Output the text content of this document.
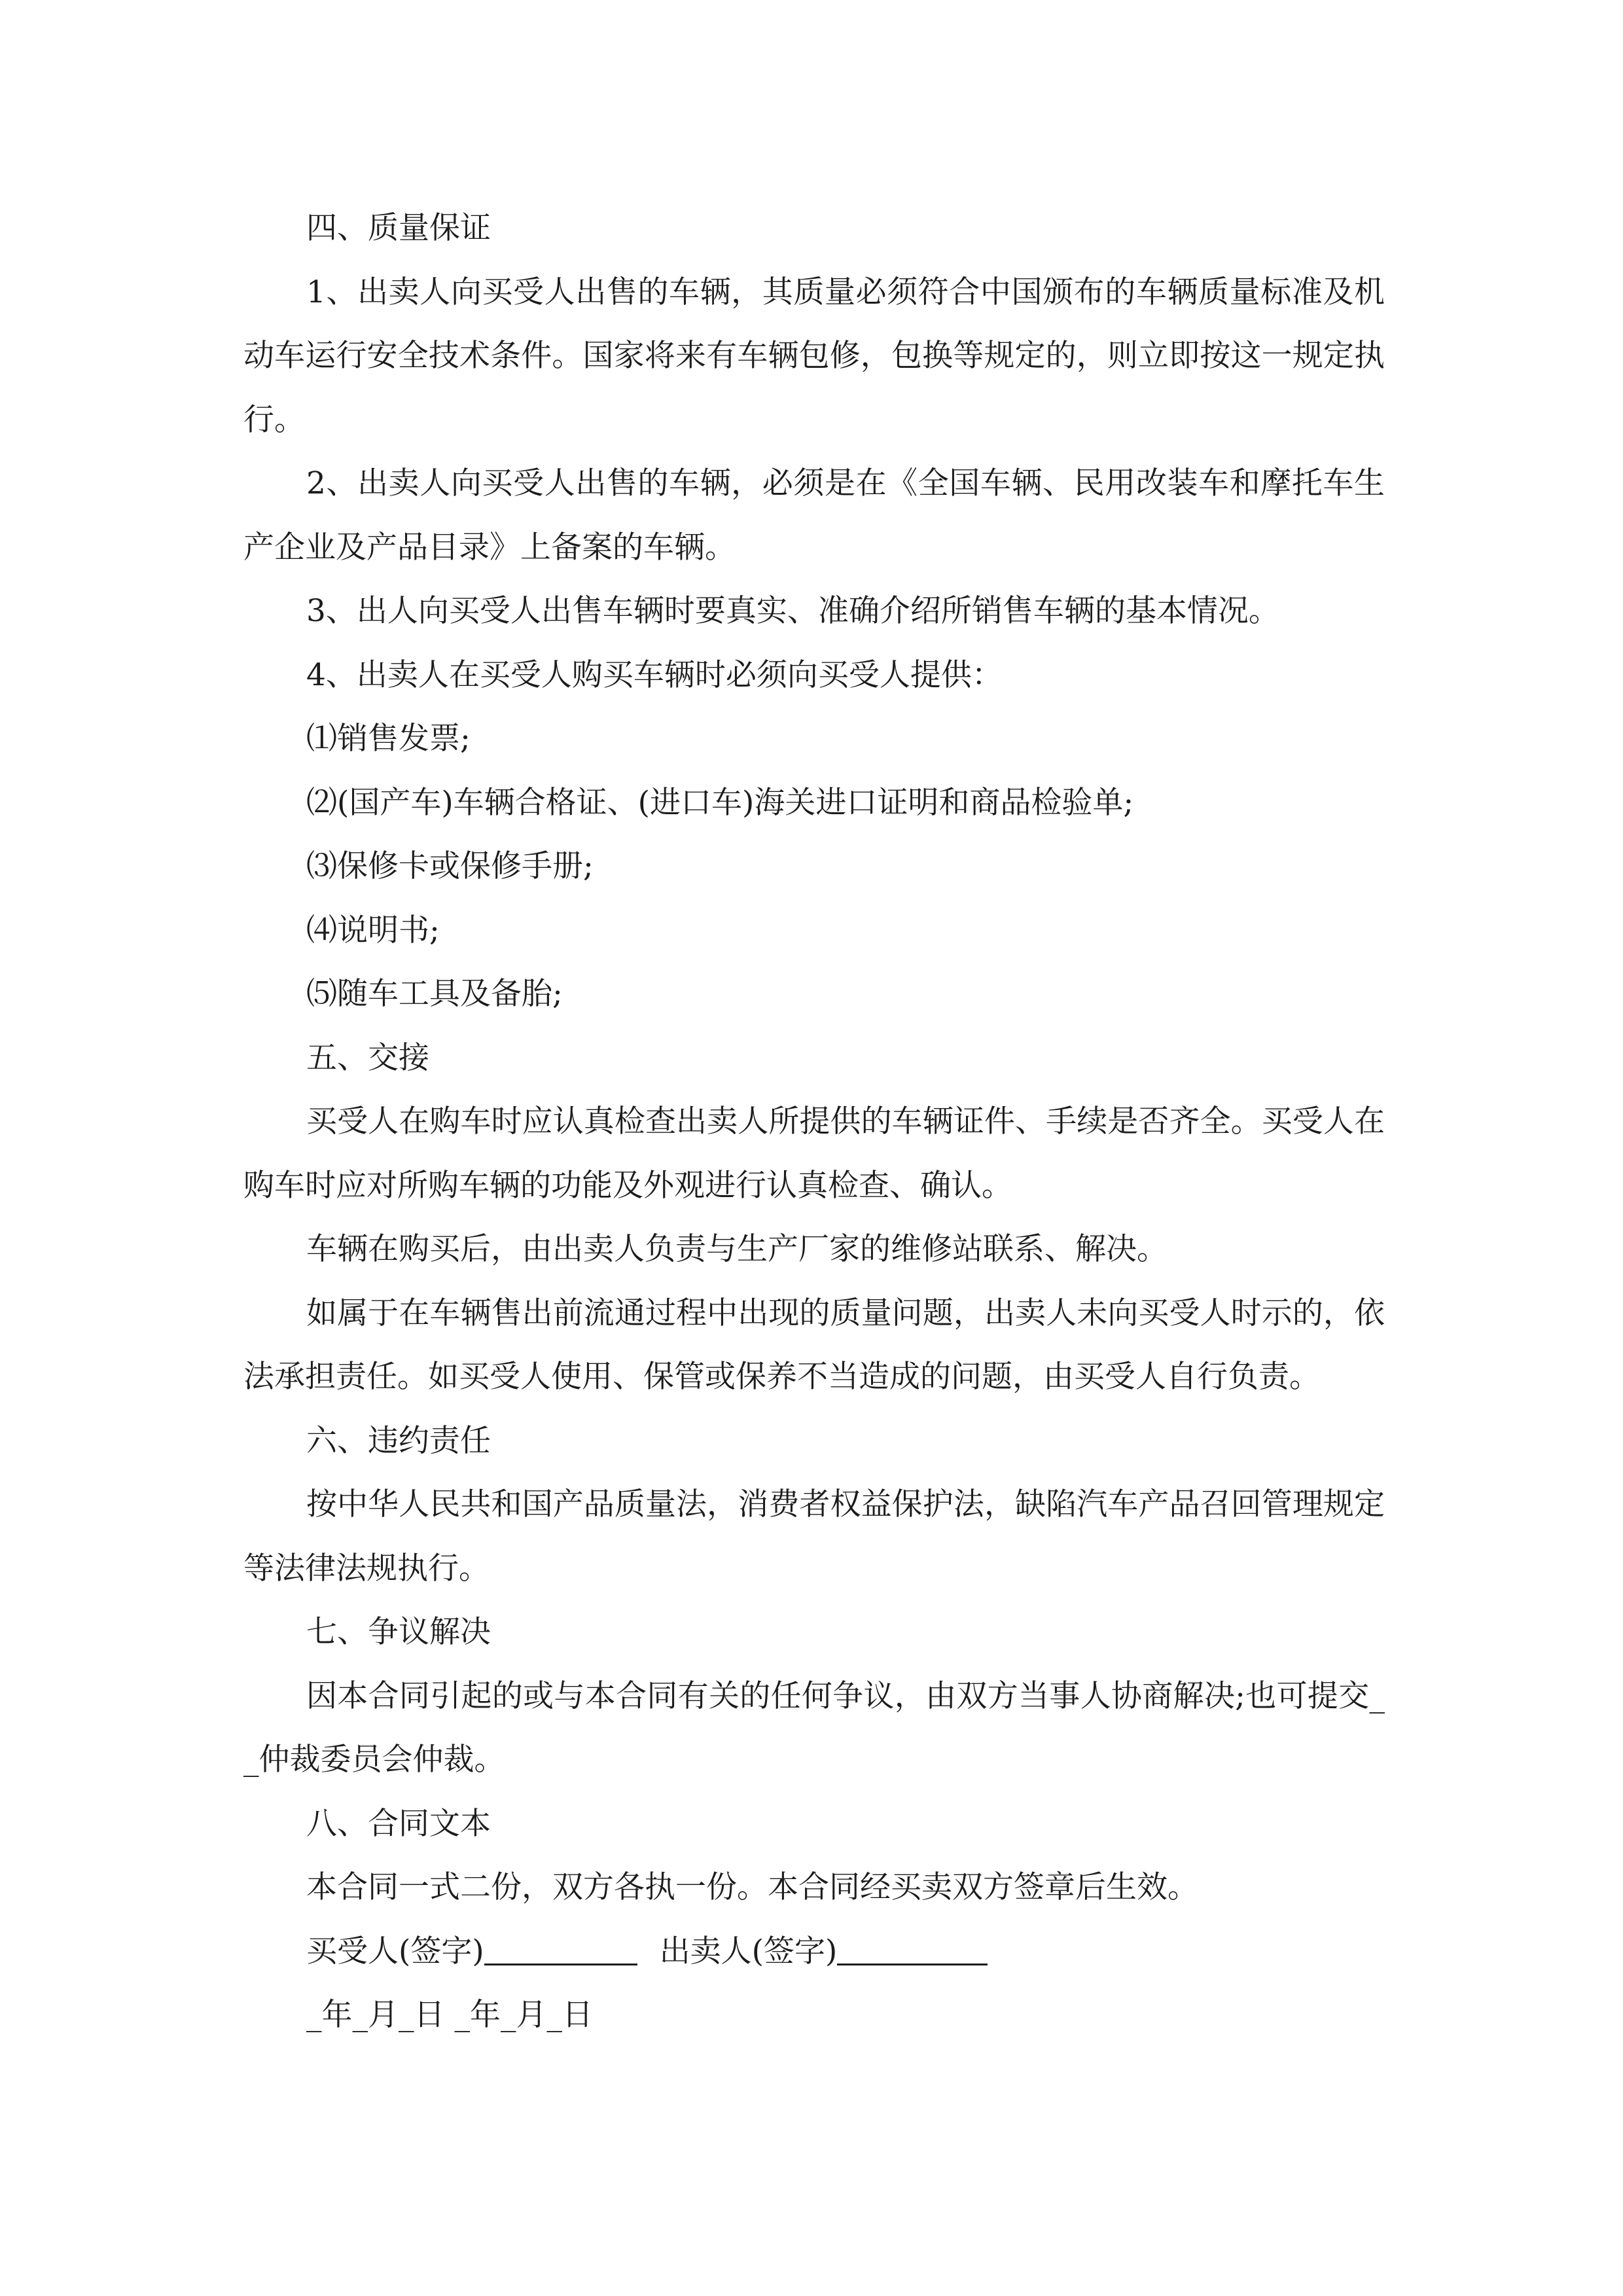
四、质量保证

1、出卖人向买受人出售的车辆，其质量必须符合中国颁布的车辆质量标准及机动车运行安全技术条件。国家将来有车辆包修，包换等规定的，则立即按这一规定执行。

2、出卖人向买受人出售的车辆，必须是在《全国车辆、民用改装车和摩托车生产企业及产品目录》上备案的车辆。

3、出人向买受人出售车辆时要真实、准确介绍所销售车辆的基本情况。

4、出卖人在买受人购买车辆时必须向买受人提供：

⑴销售发票;

⑵(国产车)车辆合格证、(进口车)海关进口证明和商品检验单;

⑶保修卡或保修手册;

⑷说明书;

⑸随车工具及备胎;

五、交接

买受人在购车时应认真检查出卖人所提供的车辆证件、手续是否齐全。买受人在购车时应对所购车辆的功能及外观进行认真检查、确认。

车辆在购买后，由出卖人负责与生产厂家的维修站联系、解决。

如属于在车辆售出前流通过程中出现的质量问题，出卖人未向买受人时示的，依法承担责任。如买受人使用、保管或保养不当造成的问题，由买受人自行负责。

六、违约责任

按中华人民共和国产品质量法，消费者权益保护法，缺陷汽车产品召回管理规定等法律法规执行。

七、争议解决

因本合同引起的或与本合同有关的任何争议，由双方当事人协商解决;也可提交__仲裁委员会仲裁。

八、合同文本

本合同一式二份，双方各执一份。本合同经买卖双方签章后生效。

买受人(签字)	出卖人(签字)

_年_月_日 _年_月_日
